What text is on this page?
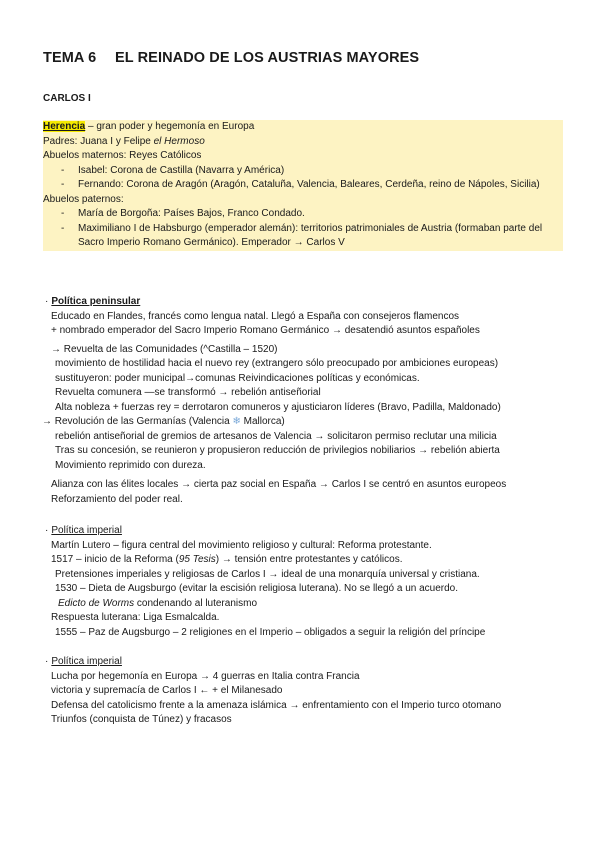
TEMA 6 EL REINADO DE LOS AUSTRIAS MAYORES
CARLOS I
Herencia – gran poder y hegemonía en Europa
Padres: Juana I y Felipe el Hermoso
Abuelos maternos: Reyes Católicos
- Isabel: Corona de Castilla (Navarra y América)
- Fernando: Corona de Aragón (Aragón, Cataluña, Valencia, Baleares, Cerdeña, reino de Nápoles, Sicilia)
Abuelos paternos:
- María de Borgoña: Países Bajos, Franco Condado.
- Maximiliano I de Habsburgo (emperador alemán): territorios patrimoniales de Austria (formaban parte del Sacro Imperio Romano Germánico). Emperador → Carlos V
· Política peninsular
Educado en Flandes, francés como lengua natal. Llegó a España con consejeros flamencos
+ nombrado emperador del Sacro Imperio Romano Germánico → desatendió asuntos españoles
→ Revuelta de las Comunidades (^Castilla – 1520)
movimiento de hostilidad hacia el nuevo rey (extrangero sólo preocupado por ambiciones europeas)
sustituyeron: poder municipal→comunas Reivindicaciones políticas y económicas.
Revuelta comunera —se transformó → rebelión antiseñorial
Alta nobleza + fuerzas rey = derrotaron comuneros y ajusticiaron líderes (Bravo, Padilla, Maldonado)
→ Revolución de las Germanías (Valencia ❄ Mallorca)
rebelión antiseñorial de gremios de artesanos de Valencia → solicitaron permiso reclutar una milicia
Tras su concesión, se reunieron y propusieron reducción de privilegios nobiliarios → rebelión abierta
Movimiento reprimido con dureza.
Alianza con las élites locales → cierta paz social en España → Carlos I se centró en asuntos europeos
Reforzamiento del poder real.
· Política imperial
Martín Lutero – figura central del movimiento religioso y cultural: Reforma protestante.
1517 – inicio de la Reforma (95 Tesis) → tensión entre protestantes y católicos.
Pretensiones imperiales y religiosas de Carlos I → ideal de una monarquía universal y cristiana.
1530 – Dieta de Augsburgo (evitar la escisión religiosa luterana). No se llegó a un acuerdo.
Edicto de Worms condenando al luteranismo
Respuesta luterana: Liga Esmalcalda.
1555 – Paz de Augsburgo – 2 religiones en el Imperio – obligados a seguir la religión del príncipe
· Política imperial
Lucha por hegemonía en Europa → 4 guerras en Italia contra Francia
victoria y supremacía de Carlos I ← + el Milanesado
Defensa del catolicismo frente a la amenaza islámica → enfrentamiento con el Imperio turco otomano
Triunfos (conquista de Túnez) y fracasos
